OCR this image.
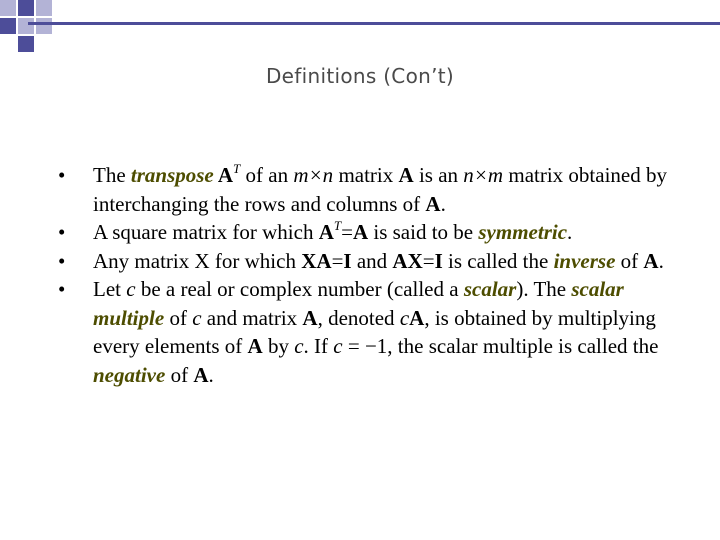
Definitions (Con’t)
• The transpose $A^T$ of an m×n matrix A is an n×m matrix obtained by interchanging the rows and columns of A.
• A square matrix for which $A^T=A$ is said to be symmetric.
• Any matrix X for which XA=I and AX=I is called the inverse of A.
• Let c be a real or complex number (called a scalar). The scalar multiple of c and matrix A, denoted cA, is obtained by multiplying every elements of A by c. If c = −1, the scalar multiple is called the negative of A.
